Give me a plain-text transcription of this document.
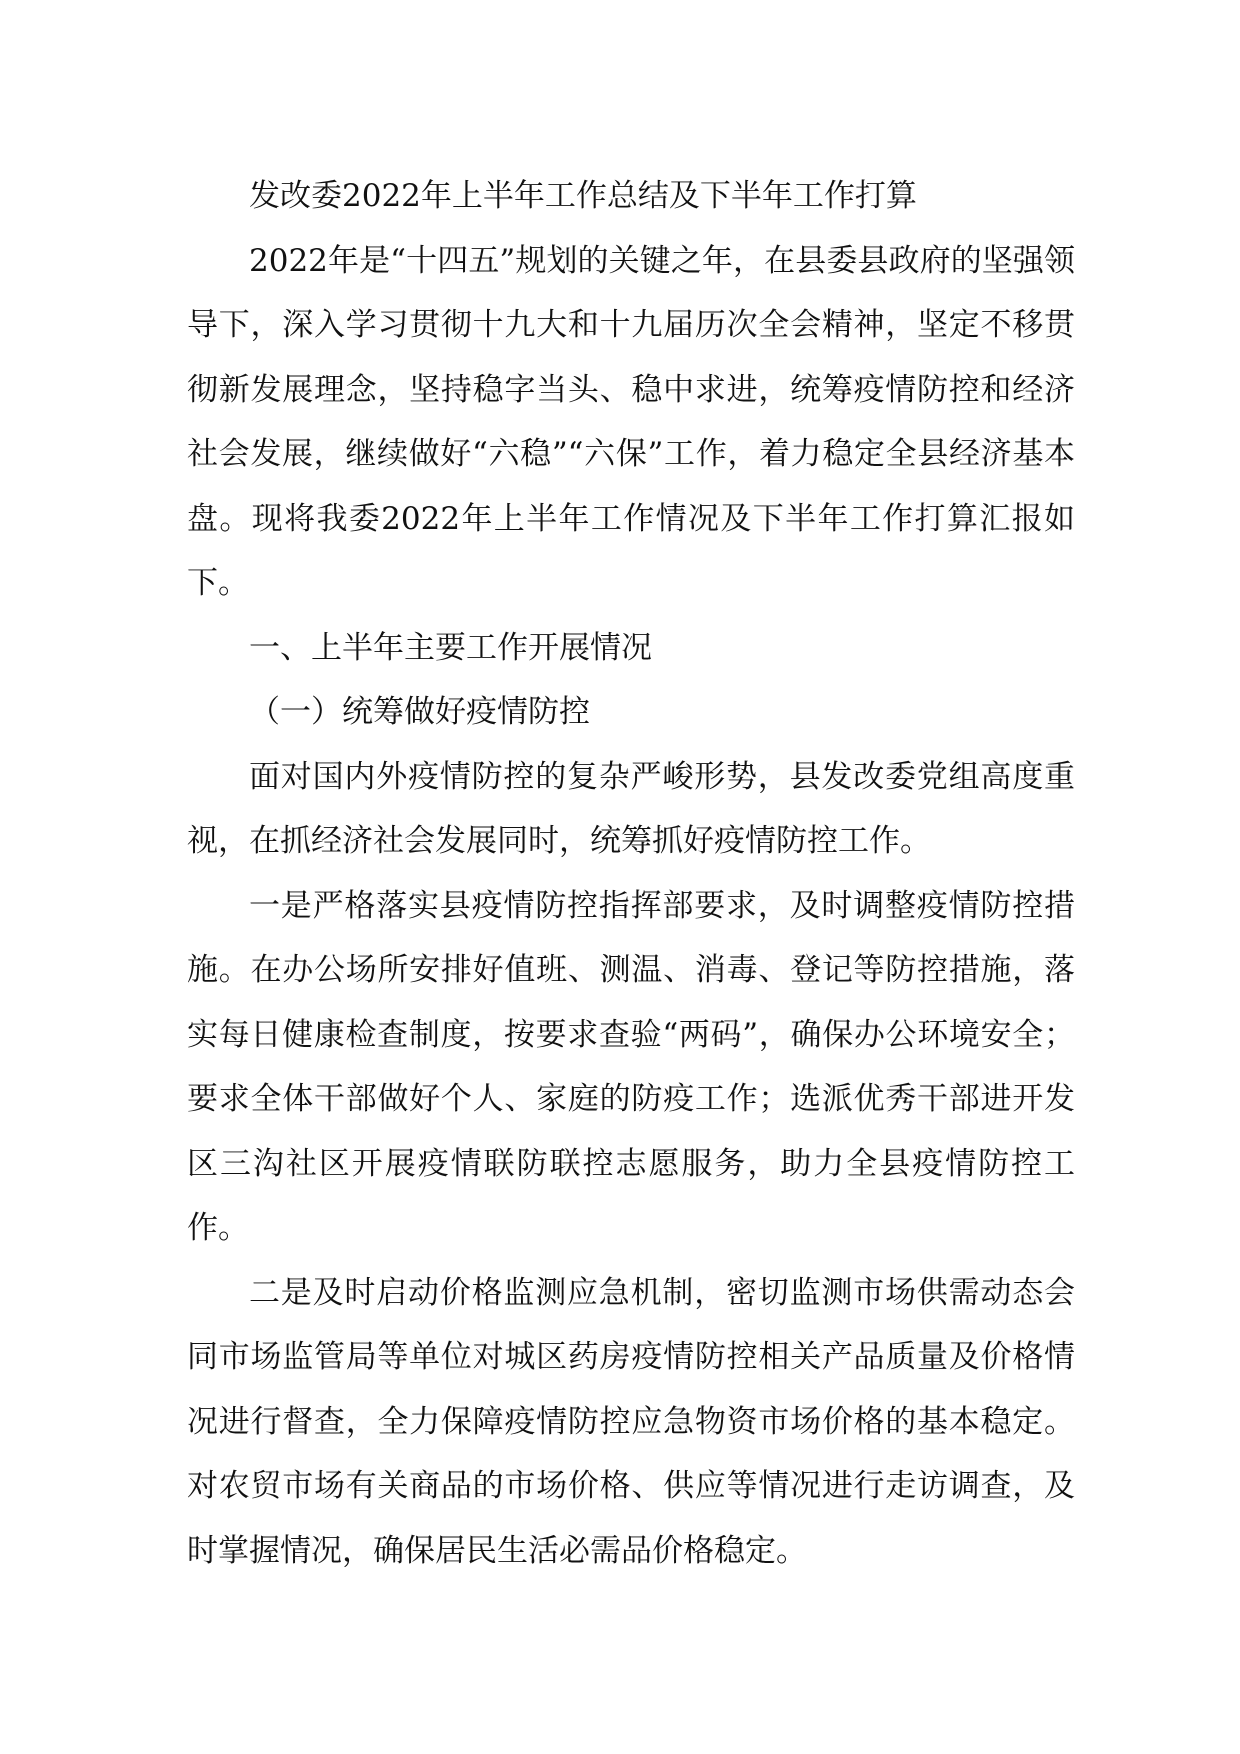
发改委2022年上半年工作总结及下半年工作打算

2022年是“十四五”规划的关键之年，在县委县政府的坚强领导下，深入学习贯彻十九大和十九届历次全会精神，坚定不移贯彻新发展理念，坚持稳字当头、稳中求进，统筹疫情防控和经济社会发展，继续做好“六稳”“六保”工作，着力稳定全县经济基本盘。现将我委2022年上半年工作情况及下半年工作打算汇报如下。

一、上半年主要工作开展情况

（一）统筹做好疫情防控

面对国内外疫情防控的复杂严峻形势，县发改委党组高度重视，在抓经济社会发展同时，统筹抓好疫情防控工作。

一是严格落实县疫情防控指挥部要求，及时调整疫情防控措施。在办公场所安排好值班、测温、消毒、登记等防控措施，落实每日健康检查制度，按要求查验“两码”，确保办公环境安全；要求全体干部做好个人、家庭的防疫工作；选派优秀干部进开发区三沟社区开展疫情联防联控志愿服务，助力全县疫情防控工作。

二是及时启动价格监测应急机制，密切监测市场供需动态会同市场监管局等单位对城区药房疫情防控相关产品质量及价格情况进行督查，全力保障疫情防控应急物资市场价格的基本稳定。对农贸市场有关商品的市场价格、供应等情况进行走访调查，及时掌握情况，确保居民生活必需品价格稳定。
